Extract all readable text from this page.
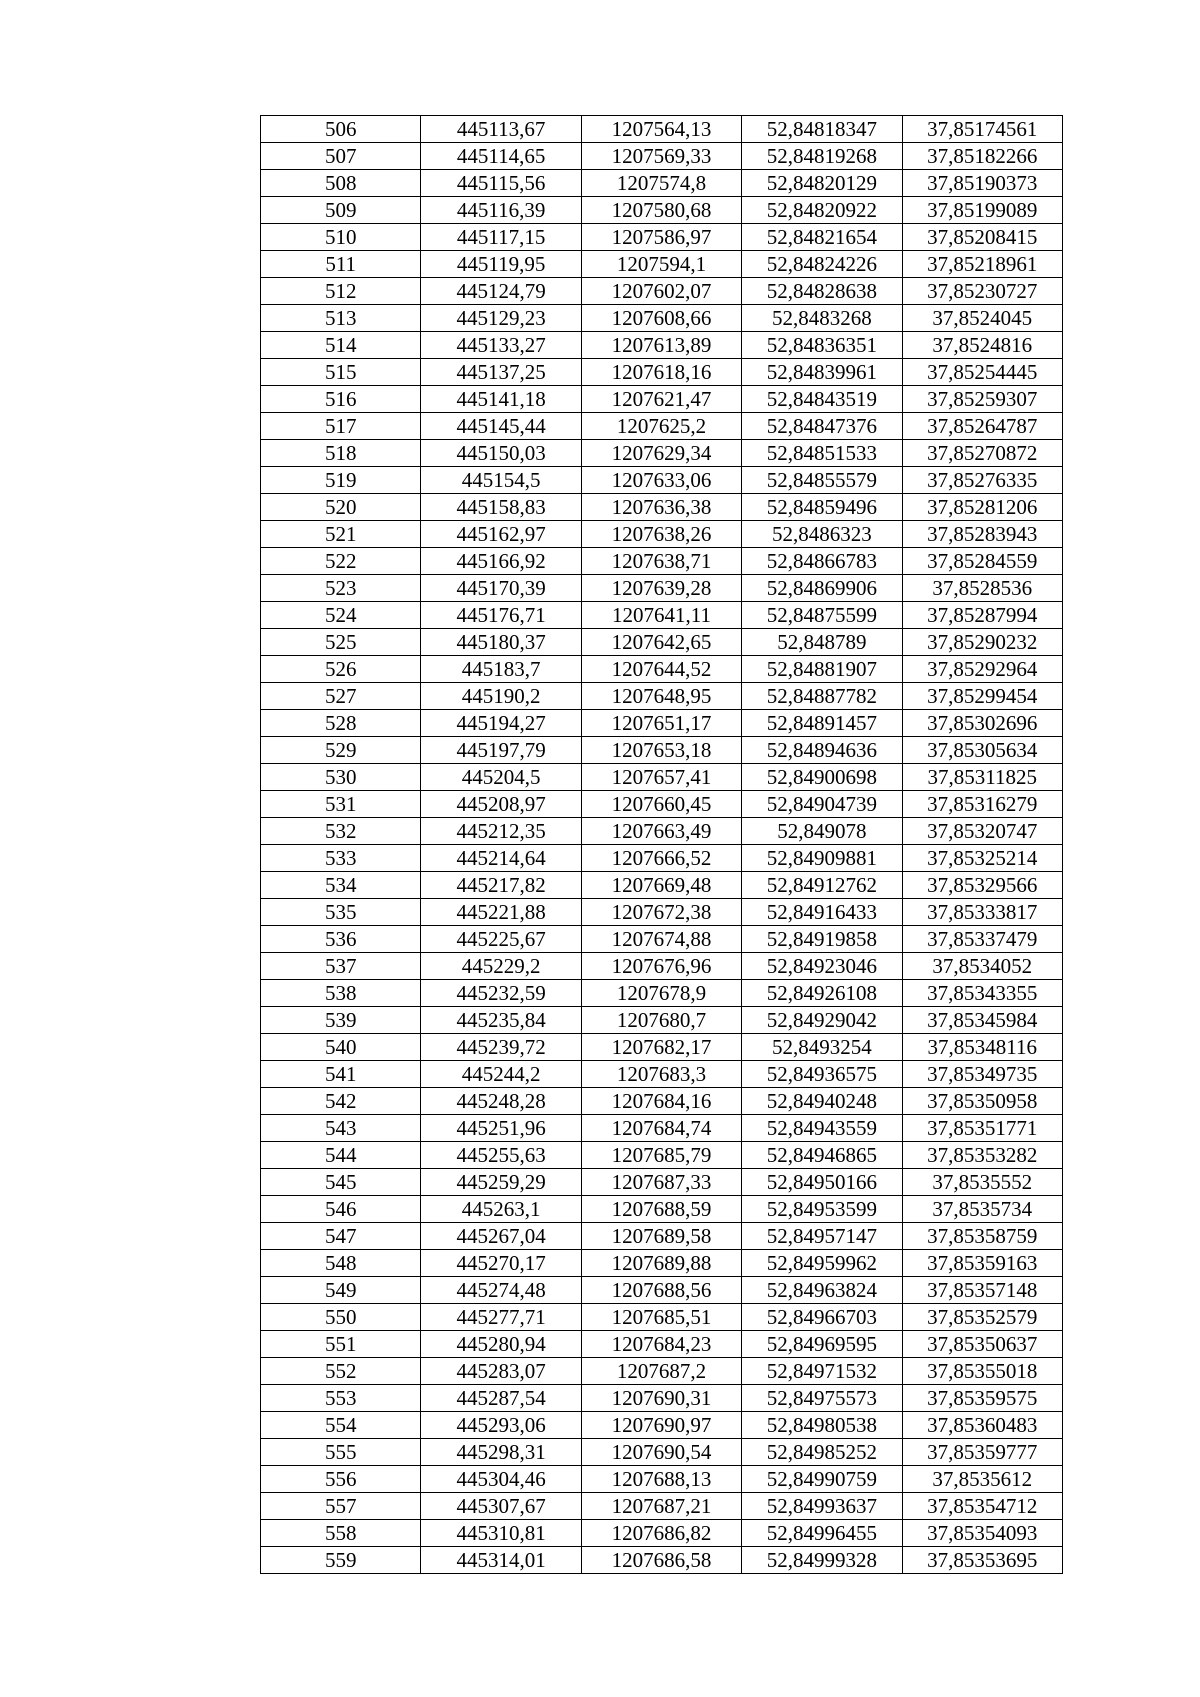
506	445113,67	1207564,13	52,84818347	37,85174561
507	445114,65	1207569,33	52,84819268	37,85182266
508	445115,56	1207574,8	52,84820129	37,85190373
509	445116,39	1207580,68	52,84820922	37,85199089
510	445117,15	1207586,97	52,84821654	37,85208415
511	445119,95	1207594,1	52,84824226	37,85218961
512	445124,79	1207602,07	52,84828638	37,85230727
513	445129,23	1207608,66	52,8483268	37,8524045
514	445133,27	1207613,89	52,84836351	37,8524816
515	445137,25	1207618,16	52,84839961	37,85254445
516	445141,18	1207621,47	52,84843519	37,85259307
517	445145,44	1207625,2	52,84847376	37,85264787
518	445150,03	1207629,34	52,84851533	37,85270872
519	445154,5	1207633,06	52,84855579	37,85276335
520	445158,83	1207636,38	52,84859496	37,85281206
521	445162,97	1207638,26	52,8486323	37,85283943
522	445166,92	1207638,71	52,84866783	37,85284559
523	445170,39	1207639,28	52,84869906	37,8528536
524	445176,71	1207641,11	52,84875599	37,85287994
525	445180,37	1207642,65	52,848789	37,85290232
526	445183,7	1207644,52	52,84881907	37,85292964
527	445190,2	1207648,95	52,84887782	37,85299454
528	445194,27	1207651,17	52,84891457	37,85302696
529	445197,79	1207653,18	52,84894636	37,85305634
530	445204,5	1207657,41	52,84900698	37,85311825
531	445208,97	1207660,45	52,84904739	37,85316279
532	445212,35	1207663,49	52,849078	37,85320747
533	445214,64	1207666,52	52,84909881	37,85325214
534	445217,82	1207669,48	52,84912762	37,85329566
535	445221,88	1207672,38	52,84916433	37,85333817
536	445225,67	1207674,88	52,84919858	37,85337479
537	445229,2	1207676,96	52,84923046	37,8534052
538	445232,59	1207678,9	52,84926108	37,85343355
539	445235,84	1207680,7	52,84929042	37,85345984
540	445239,72	1207682,17	52,8493254	37,85348116
541	445244,2	1207683,3	52,84936575	37,85349735
542	445248,28	1207684,16	52,84940248	37,85350958
543	445251,96	1207684,74	52,84943559	37,85351771
544	445255,63	1207685,79	52,84946865	37,85353282
545	445259,29	1207687,33	52,84950166	37,8535552
546	445263,1	1207688,59	52,84953599	37,8535734
547	445267,04	1207689,58	52,84957147	37,85358759
548	445270,17	1207689,88	52,84959962	37,85359163
549	445274,48	1207688,56	52,84963824	37,85357148
550	445277,71	1207685,51	52,84966703	37,85352579
551	445280,94	1207684,23	52,84969595	37,85350637
552	445283,07	1207687,2	52,84971532	37,85355018
553	445287,54	1207690,31	52,84975573	37,85359575
554	445293,06	1207690,97	52,84980538	37,85360483
555	445298,31	1207690,54	52,84985252	37,85359777
556	445304,46	1207688,13	52,84990759	37,8535612
557	445307,67	1207687,21	52,84993637	37,85354712
558	445310,81	1207686,82	52,84996455	37,85354093
559	445314,01	1207686,58	52,84999328	37,85353695
